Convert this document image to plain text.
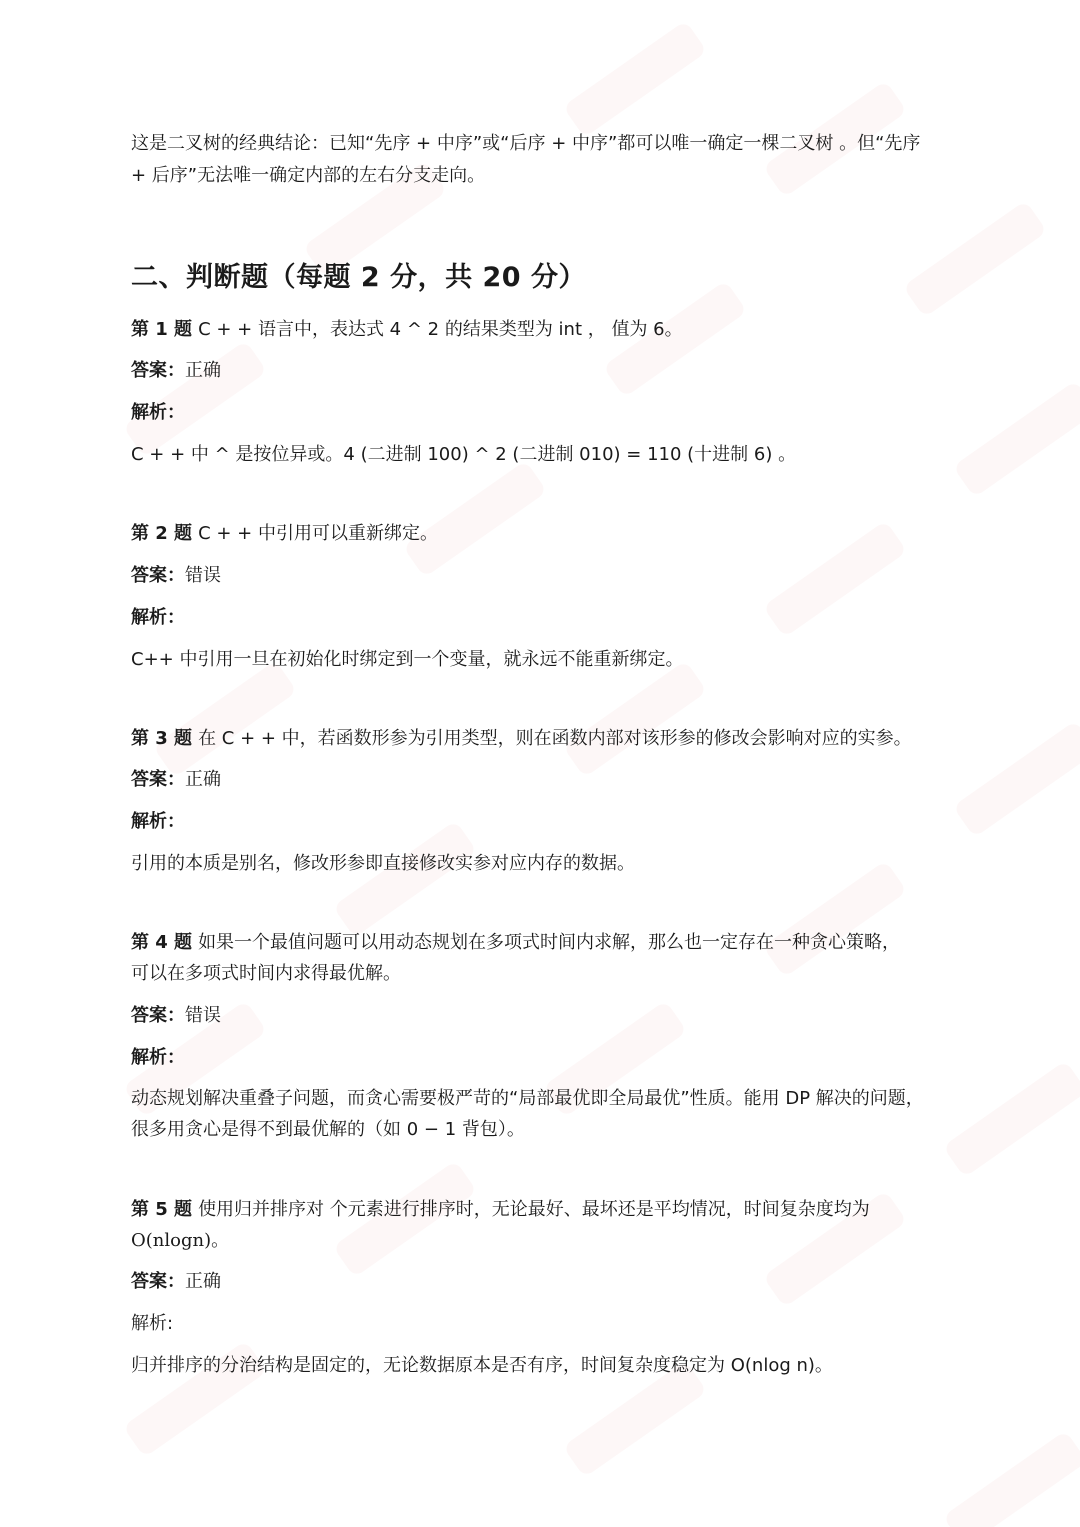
这是二叉树的经典结论：已知“先序 + 中序”或“后序 + 中序”都可以唯一确定一棵二叉树 。但“先序
+ 后序”无法唯一确定内部的左右分支走向。
二、判断题（每题 2 分，共 20 分）
第 1 题 C + + 语言中，表达式 4 ^ 2 的结果类型为 int ， 值为 6。
答案：正确
解析：
C + + 中 ^ 是按位异或。4 (二进制 100) ^ 2 (二进制 010) = 110 (十进制 6) 。
第 2 题 C + + 中引用可以重新绑定。
答案：错误
解析：
C++ 中引用一旦在初始化时绑定到一个变量，就永远不能重新绑定。
第 3 题 在 C + + 中，若函数形参为引用类型，则在函数内部对该形参的修改会影响对应的实参。
答案：正确
解析：
引用的本质是别名，修改形参即直接修改实参对应内存的数据。
第 4 题 如果一个最值问题可以用动态规划在多项式时间内求解，那么也一定存在一种贪心策略，
可以在多项式时间内求得最优解。
答案：错误
解析：
动态规划解决重叠子问题，而贪心需要极严苛的“局部最优即全局最优”性质。能用 DP 解决的问题，
很多用贪心是得不到最优解的（如 0 − 1 背包）。
第 5 题 使用归并排序对 个元素进行排序时，无论最好、最坏还是平均情况，时间复杂度均为
O(nlogn)。
答案：正确
解析:
归并排序的分治结构是固定的，无论数据原本是否有序，时间复杂度稳定为 O(nlog n)。
